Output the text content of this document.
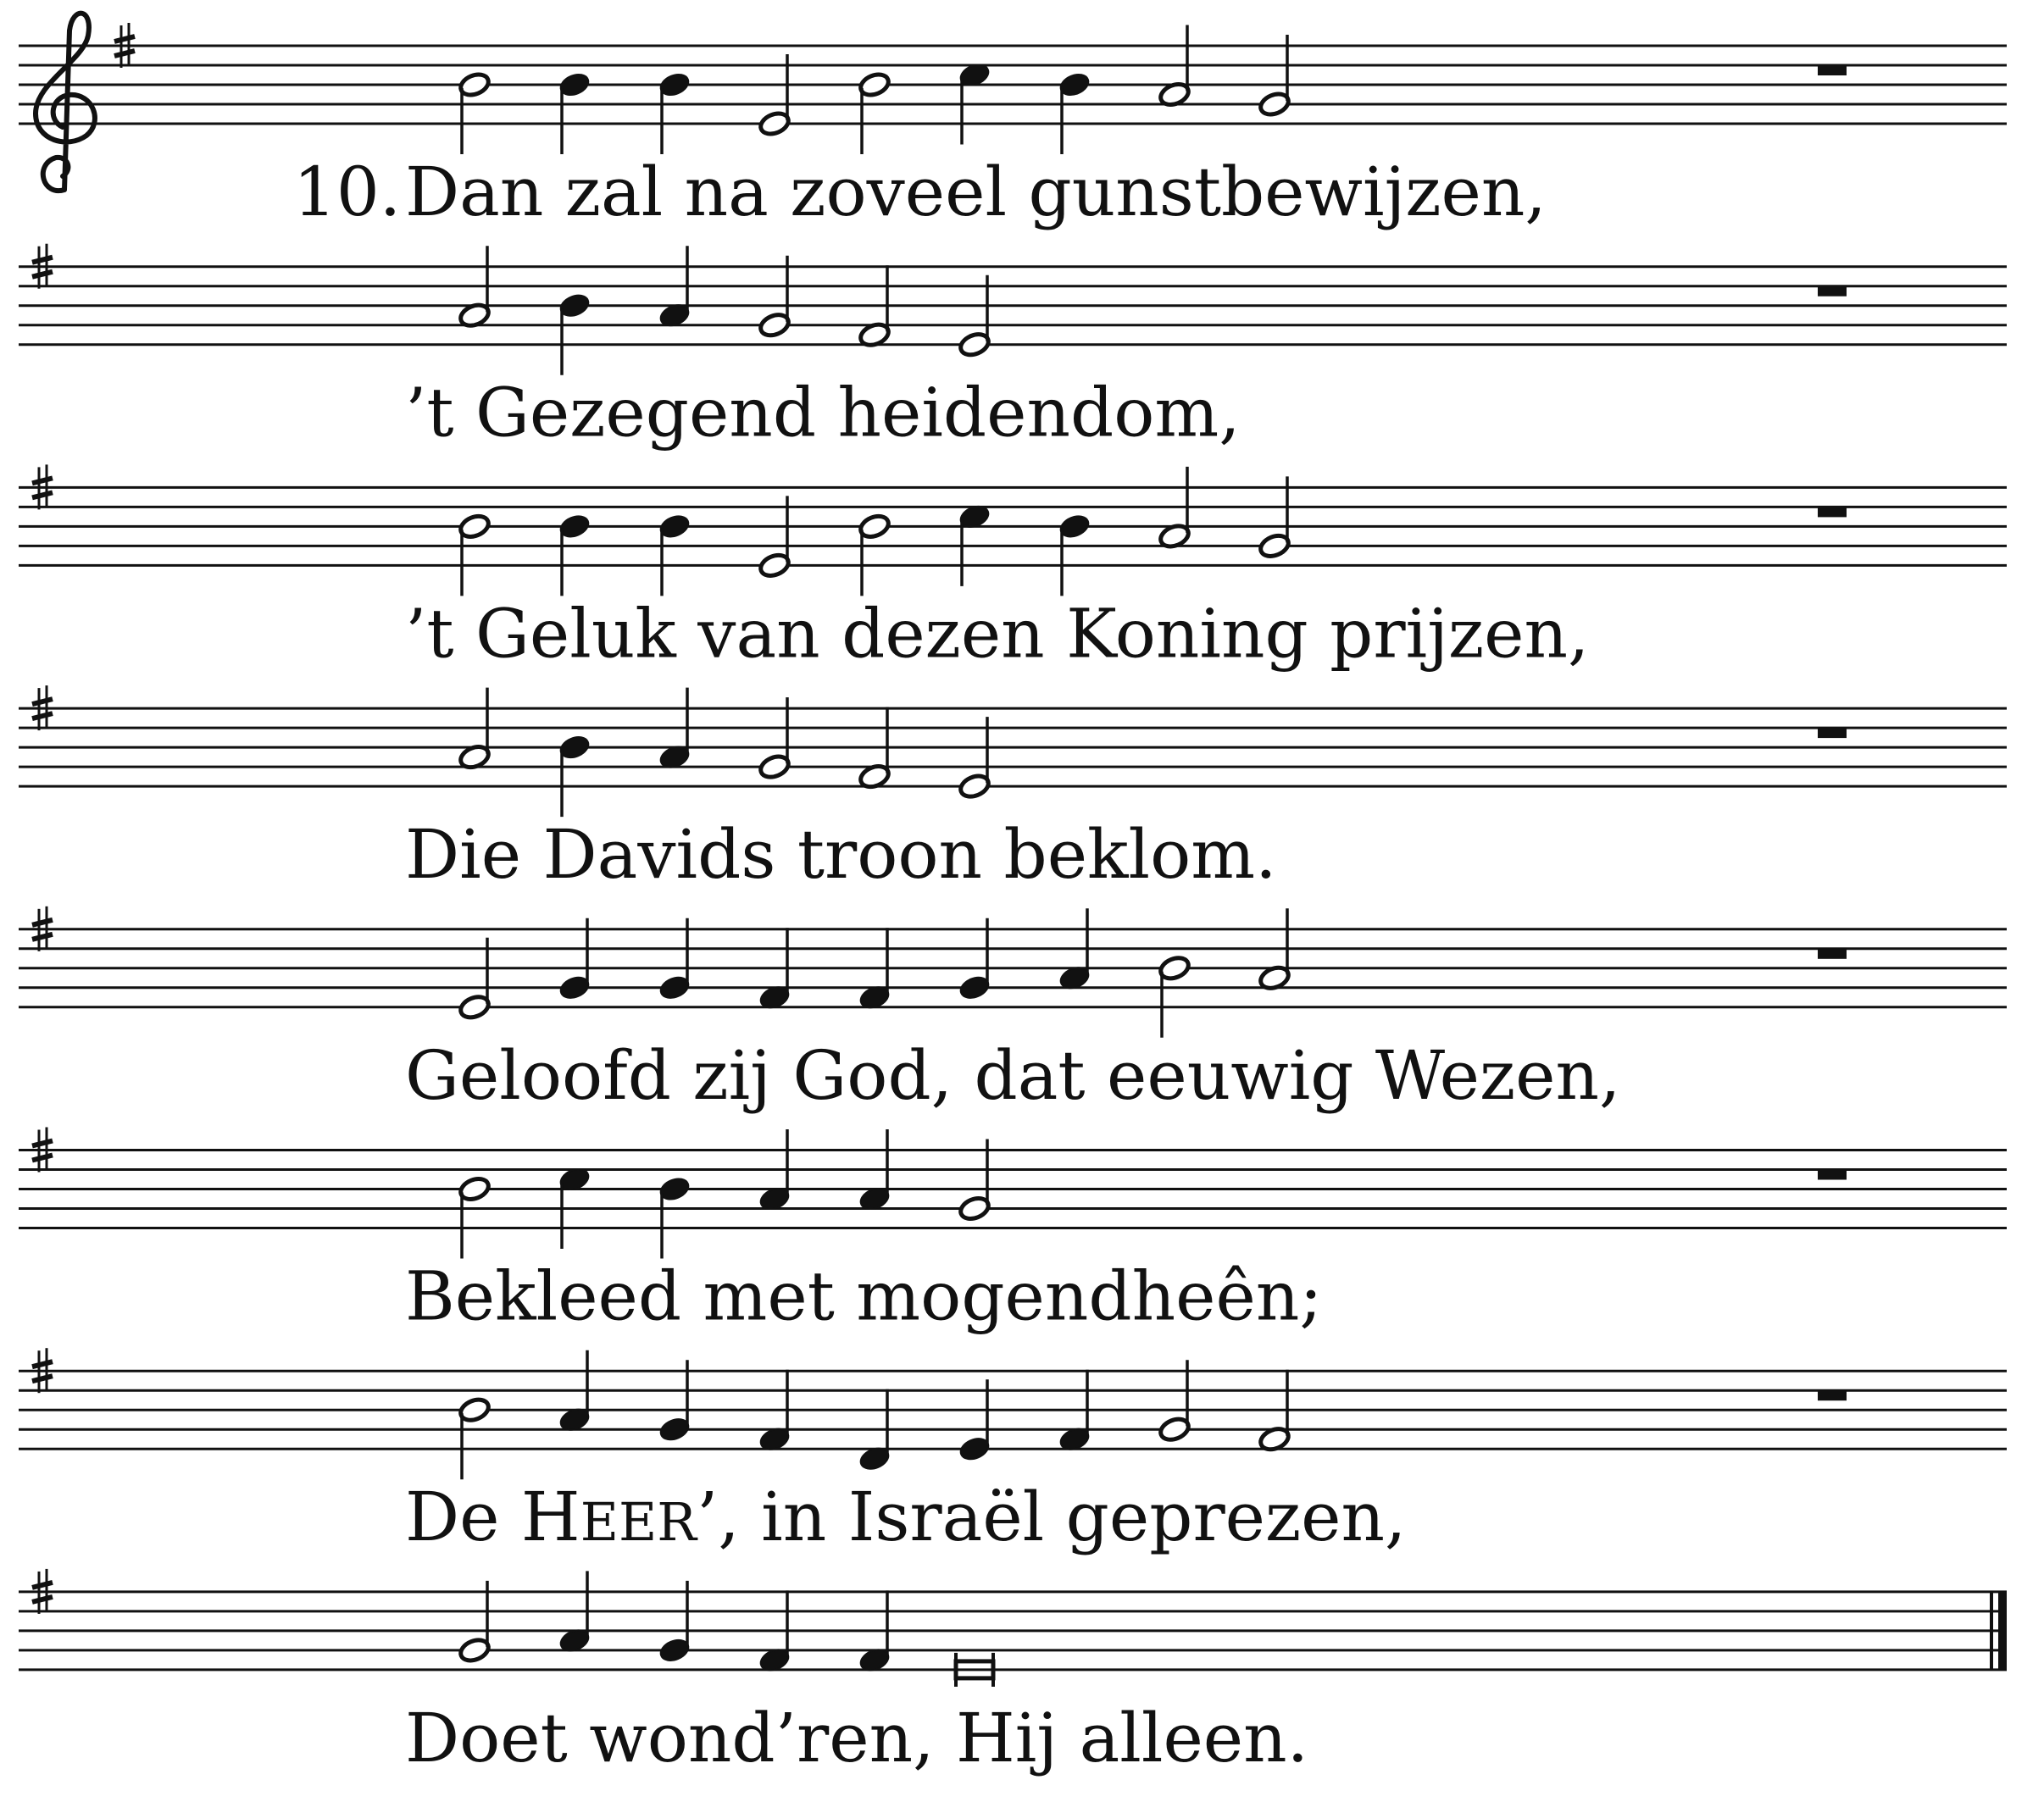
10. Dan zal na zoveel gunstbewijzen,
’t Gezegend heidendom,
’t Geluk van dezen Koning prijzen,
Die Davids troon beklom.
Geloofd zij God, dat eeuwig Wezen,
Bekleed met mogendheên;
De HEER’, in Israël geprezen,
Doet wond’ren, Hij alleen.
